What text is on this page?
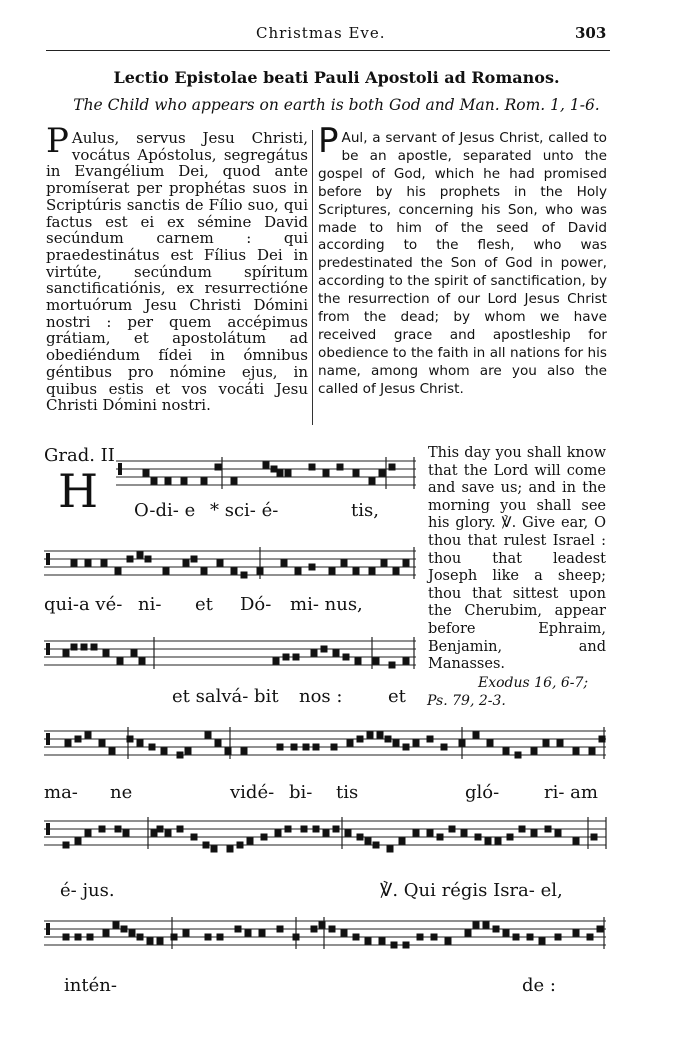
Christmas Eve.	303
Lectio Epistolae beati Pauli Apostoli ad Romanos.
The Child who appears on earth is both God and Man. Rom. 1, 1-6.
P Aulus, servus Jesu Christi, vocátus Apóstolus, segregátus in Evangélium Dei, quod ante promíserat per prophétas suos in Scriptúris sanctis de Fílio suo, qui factus est ei ex sémine David secúndum carnem : qui praedestinátus est Fílius Dei in virtúte, secúndum spíritum sanctificatiónis, ex resurrectióne mortuórum Jesu Christi Dómini nostri : per quem accépimus grátiam, et apostolátum ad obediéndum fídei in ómnibus géntibus pro nómine ejus, in quibus estis et vos vocáti Jesu Christi Dómini nostri.
P Aul, a servant of Jesus Christ, called to be an apostle, separated unto the gospel of God, which he had promised before by his prophets in the Holy Scriptures, concerning his Son, who was made to him of the seed of David according to the flesh, who was predestinated the Son of God in power, according to the spirit of sanctification, by the resurrection of our Lord Jesus Christ from the dead; by whom we have received grace and apostleship for obedience to the faith in all nations for his name, among whom are you also the called of Jesus Christ.
Grad. II
H O-di- e * sci- é-	tis,
qui-a vé- ni- et Dó- mi- nus,
et salvá- bit nos :	et
ma- ne	vidé- bi- tis	gló- ri- am
é- jus.	℣. Qui régis Isra- el,
intén-	de :
This day you shall know that the Lord will come and save us; and in the morning you shall see his glory. ℣. Give ear, O thou that rulest Israel : thou that leadest Joseph like a sheep; thou that sittest upon the Cherubim, appear before Ephraim, Benjamin, and Manasses.
Exodus 16, 6-7;
Ps. 79, 2-3.
